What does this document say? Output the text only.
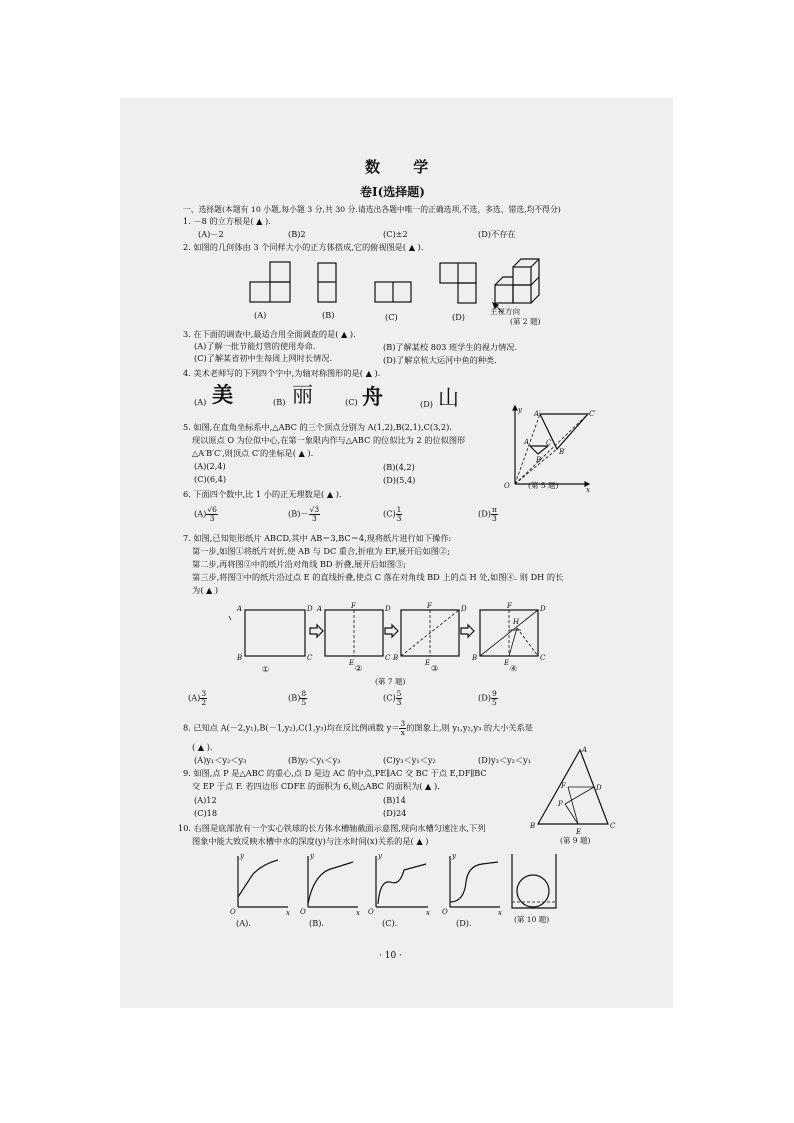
数 学
卷Ⅰ(选择题)
一、选择题(本题有 10 小题,每小题 3 分,共 30 分.请选出各题中唯一的正确选项,不选、多选、错选,均不得分)
1. －8 的立方根是( ▲ ).
(A)－2	(B)2	(C)±2	(D)不存在
2. 如图的几何体由 3 个同样大小的正方体搭成,它的俯视图是( ▲ ).
(A)	(B)	(C)	(D)
主视方向
(第 2 题)
3. 在下面的调查中,最适合用全面调查的是( ▲ ).
(A)了解一批节能灯管的使用寿命.	(B)了解某校 803 班学生的视力情况.
(C)了解某省初中生每周上网时长情况.	(D)了解京杭大运河中鱼的种类.
4. 美术老师写的下列四个字中,为轴对称图形的是( ▲ ).
(A) 美	(B) 丽	(C) 舟	(D) 山
5. 如图,在直角坐标系中,△ABC 的三个顶点分别为 A(1,2),B(2,1),C(3,2).
现以原点 O 为位似中心,在第一象限内作与△ABC 的位似比为 2 的位似图形
△A′B′C′,则顶点 C′的坐标是( ▲ ).
(A)(2,4)	(B)(4,2)
(C)(6,4)	(D)(5,4)
O	x
y A′	C′
A C
B
B′
(第 5 题)
6. 下面四个数中,比 1 小的正无理数是( ▲ ).
$(A) \frac{√6}{3}$	$(B)- \frac{√3}{3}$	$(C) \frac{1}{3}$	$(D) \frac{\pi}{3}$
7. 如图,已知矩形纸片 ABCD,其中 AB＝3,BC＝4,现将纸片进行如下操作:
第一步,如图①将纸片对折,使 AB 与 DC 重合,折痕为 EF,展开后如图②;
第二步,再将图②中的纸片沿对角线 BD 折叠,展开后如图③;
第三步,将图③中的纸片沿过点 E 的直线折叠,使点 C 落在对角线 BD 上的点 H 处,如图④. 则 DH 的长
为( ▲ )
A	D
B	C
A	F	D
C
E
F	D
B
E
B
F
H
D
E
C
①	②	③	④
(第 7 题)
$(A) \frac{3}{2}$	$(B) \frac{8}{5}$	$(C) \frac{5}{3}$	$(D) \frac{9}{5}$
8. 已知点 A(－2,y₁),B(－1,y₂),C(1,y₃)均在反比例函数 $y= \frac{3}{x}$ 的图象上,则 y₁,y₂,y₃ 的大小关系是
( ▲ ).
(A)y₁＜y₂＜y₃	(B)y₂＜y₁＜y₃	(C)y₃＜y₁＜y₂	(D)y₃＜y₂＜y₁
9. 如图,点 P 是△ABC 的重心,点 D 是边 AC 的中点,PE∥AC 交 BC 于点 E,DF∥BC
交 EP 于点 F. 若四边形 CDFE 的面积为 6,则△ABC 的面积为( ▲ ).
(A)12	(B)14
(C)18	(D)24
A
B	C
D
F
P
E
(第 9 题)
10. 右图是底部放有一个实心铁球的长方体水槽轴截面示意图,现向水槽匀速注水,下列
图象中能大致反映水槽中水的深度(y)与注水时间(x)关系的是( ▲ )
O	x
y
O	x
y
O	x
y
O	x
y
(A).	(B).	(C).	(D).	(第 10 题)
· 10 ·
